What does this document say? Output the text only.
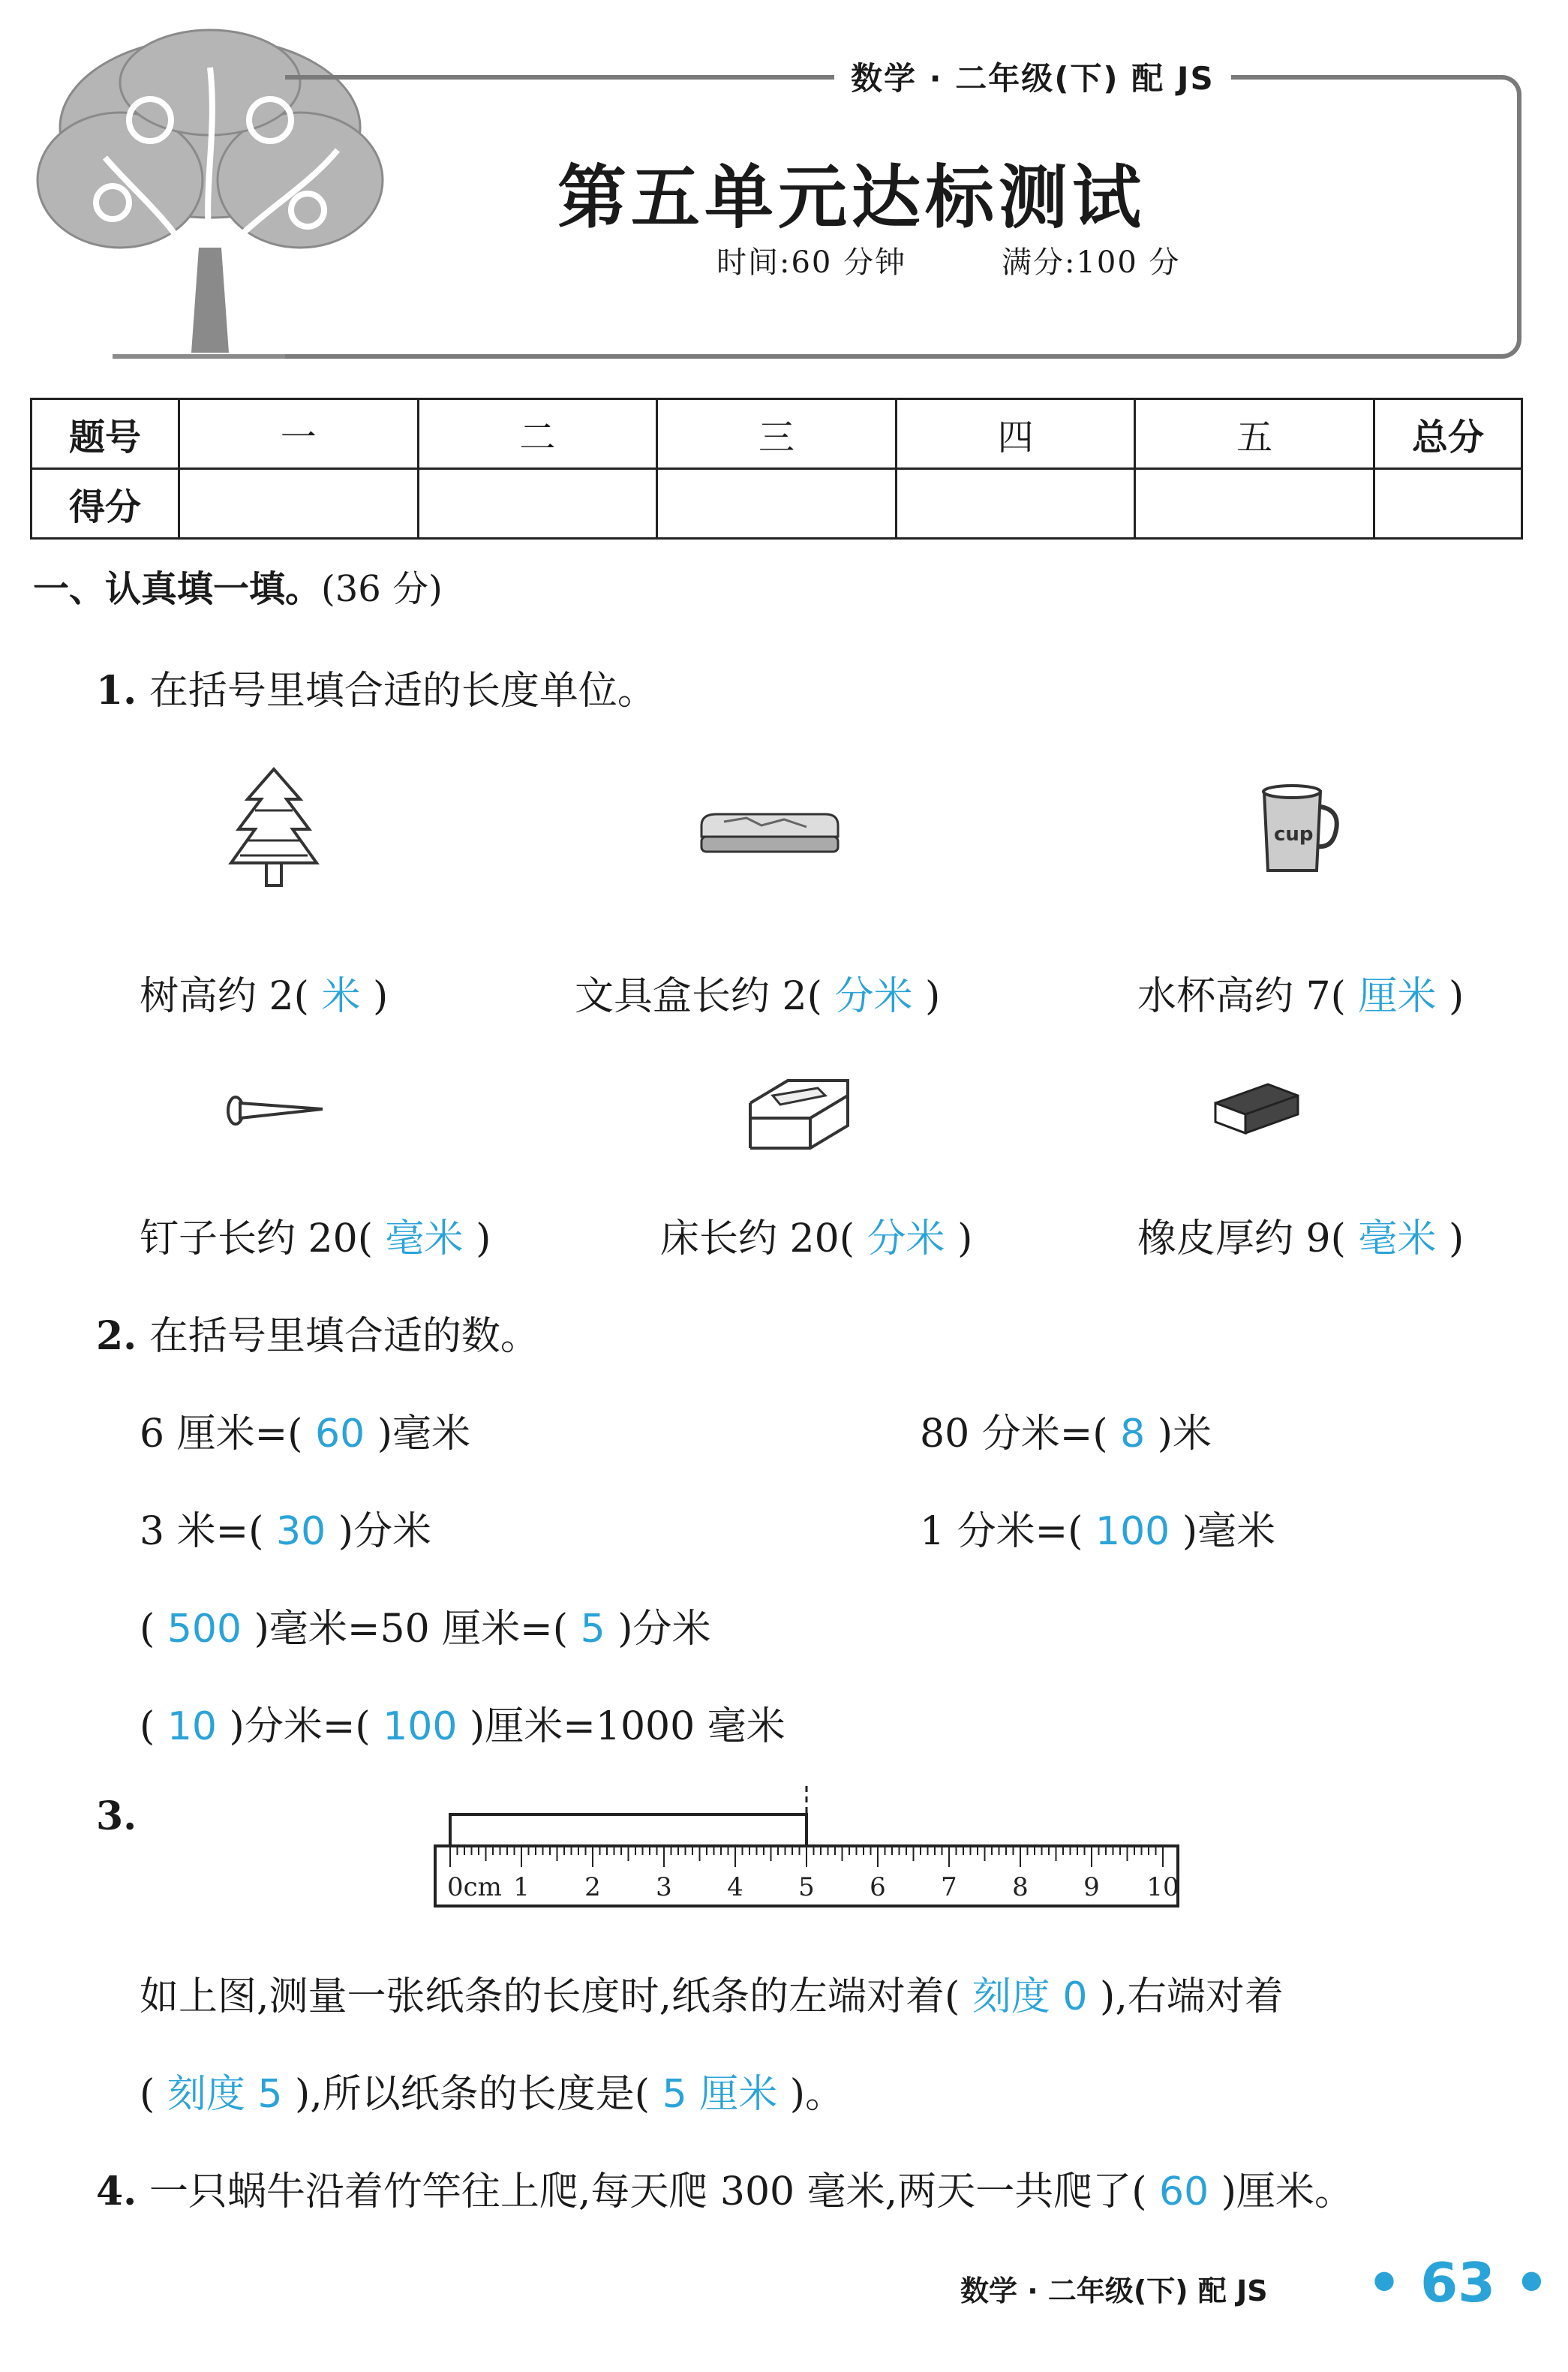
数学 · 二年级(下) 配 JS
第五单元达标测试
时间:60 分钟	满分:100 分
题号	一	二	三	四	五	总分
得分						
一、认真填一填。(36 分)
1. 在括号里填合适的长度单位。
cup
树高约 2( 米 )	文具盒长约 2( 分米 )	水杯高约 7( 厘米 )
钉子长约 20( 毫米 )	床长约 20( 分米 )	橡皮厚约 9( 毫米 )
2. 在括号里填合适的数。
6 厘米=( 60 )毫米	80 分米=( 8 )米
3 米=( 30 )分米	1 分米=( 100 )毫米
( 500 )毫米=50 厘米=( 5 )分米
( 10 )分米=( 100 )厘米=1000 毫米
3.
0cm 1 2 3 4 5 6 7 8 9 10
如上图,测量一张纸条的长度时,纸条的左端对着( 刻度 0 ),右端对着
( 刻度 5 ),所以纸条的长度是( 5 厘米 )。
4. 一只蜗牛沿着竹竿往上爬,每天爬 300 毫米,两天一共爬了( 60 )厘米。
数学 · 二年级(下) 配 JS • 63 •
